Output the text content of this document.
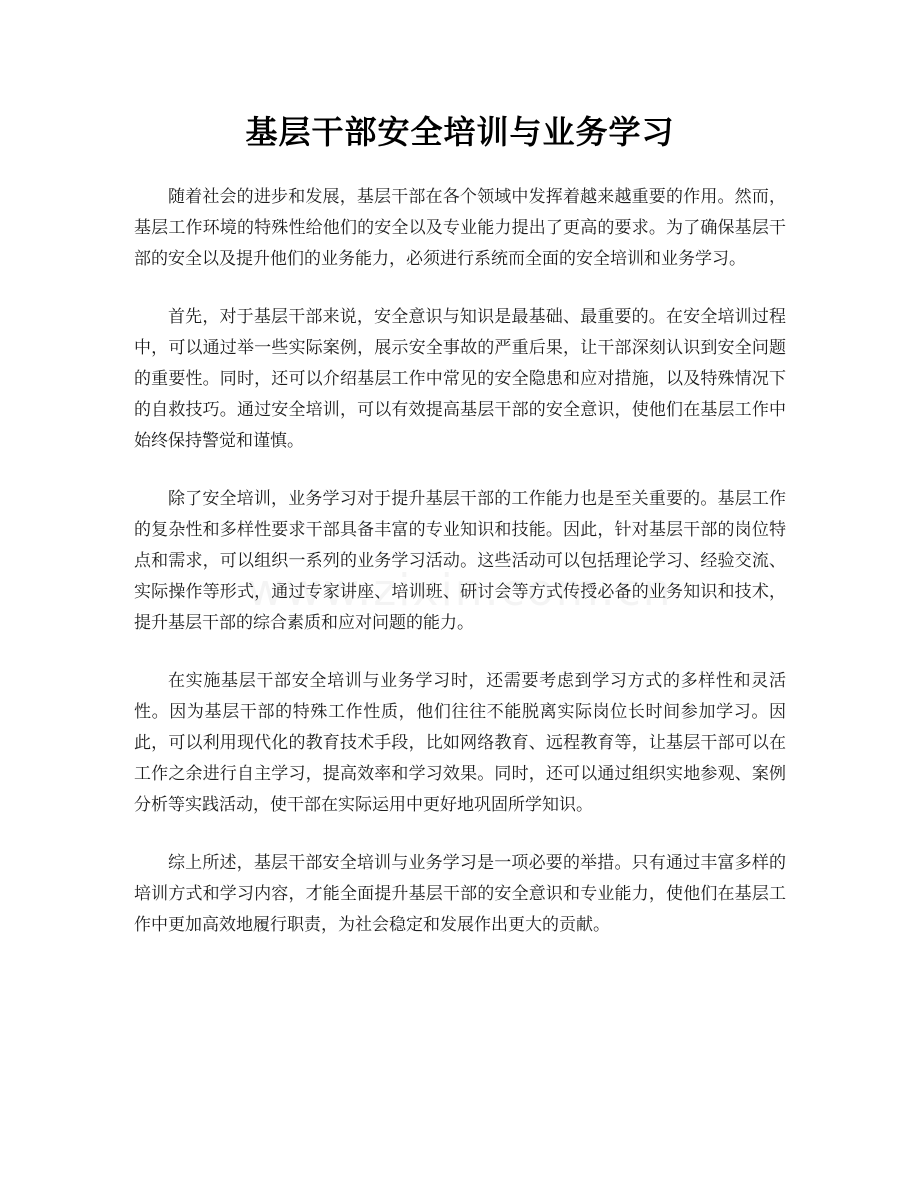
基层干部安全培训与业务学习

随着社会的进步和发展，基层干部在各个领域中发挥着越来越重要的作用。然而，基层工作环境的特殊性给他们的安全以及专业能力提出了更高的要求。为了确保基层干部的安全以及提升他们的业务能力，必须进行系统而全面的安全培训和业务学习。

首先，对于基层干部来说，安全意识与知识是最基础、最重要的。在安全培训过程中，可以通过举一些实际案例，展示安全事故的严重后果，让干部深刻认识到安全问题的重要性。同时，还可以介绍基层工作中常见的安全隐患和应对措施，以及特殊情况下的自救技巧。通过安全培训，可以有效提高基层干部的安全意识，使他们在基层工作中始终保持警觉和谨慎。

除了安全培训，业务学习对于提升基层干部的工作能力也是至关重要的。基层工作的复杂性和多样性要求干部具备丰富的专业知识和技能。因此，针对基层干部的岗位特点和需求，可以组织一系列的业务学习活动。这些活动可以包括理论学习、经验交流、实际操作等形式，通过专家讲座、培训班、研讨会等方式传授必备的业务知识和技术，提升基层干部的综合素质和应对问题的能力。

在实施基层干部安全培训与业务学习时，还需要考虑到学习方式的多样性和灵活性。因为基层干部的特殊工作性质，他们往往不能脱离实际岗位长时间参加学习。因此，可以利用现代化的教育技术手段，比如网络教育、远程教育等，让基层干部可以在工作之余进行自主学习，提高效率和学习效果。同时，还可以通过组织实地参观、案例分析等实践活动，使干部在实际运用中更好地巩固所学知识。

综上所述，基层干部安全培训与业务学习是一项必要的举措。只有通过丰富多样的培训方式和学习内容，才能全面提升基层干部的安全意识和专业能力，使他们在基层工作中更加高效地履行职责，为社会稳定和发展作出更大的贡献。
